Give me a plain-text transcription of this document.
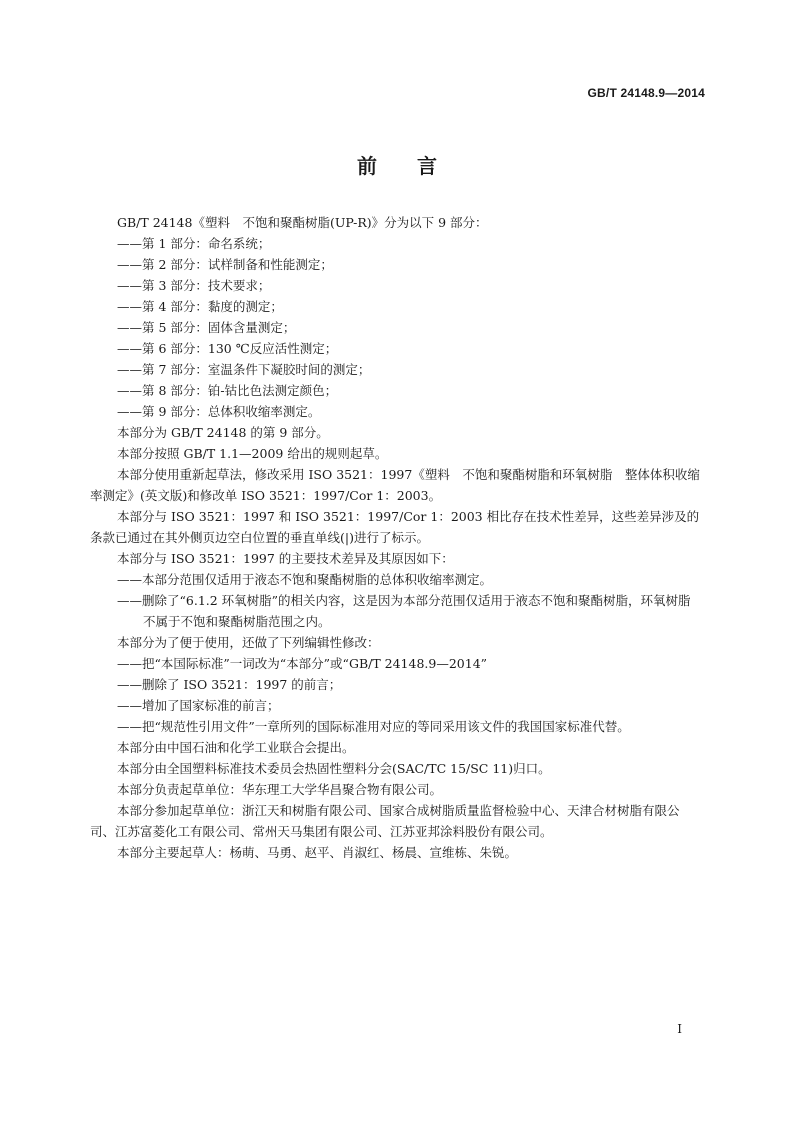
GB/T 24148.9—2014
前言

GB/T 24148《塑料　不饱和聚酯树脂(UP-R)》分为以下 9 部分：

——第 1 部分：命名系统；

——第 2 部分：试样制备和性能测定；

——第 3 部分：技术要求；

——第 4 部分：黏度的测定；

——第 5 部分：固体含量测定；

——第 6 部分：130 ℃反应活性测定；

——第 7 部分：室温条件下凝胶时间的测定；

——第 8 部分：铂-钴比色法测定颜色；

——第 9 部分：总体积收缩率测定。

本部分为 GB/T 24148 的第 9 部分。

本部分按照 GB/T 1.1—2009 给出的规则起草。

本部分使用重新起草法，修改采用 ISO 3521：1997《塑料　不饱和聚酯树脂和环氧树脂　整体体积收缩率测定》(英文版)和修改单 ISO 3521：1997/Cor 1：2003。

本部分与 ISO 3521：1997 和 ISO 3521：1997/Cor 1：2003 相比存在技术性差异，这些差异涉及的条款已通过在其外侧页边空白位置的垂直单线(|)进行了标示。

本部分与 ISO 3521：1997 的主要技术差异及其原因如下：

——本部分范围仅适用于液态不饱和聚酯树脂的总体积收缩率测定。

——删除了“6.1.2 环氧树脂”的相关内容，这是因为本部分范围仅适用于液态不饱和聚酯树脂，环氧树脂不属于不饱和聚酯树脂范围之内。

本部分为了便于使用，还做了下列编辑性修改：

——把“本国际标准”一词改为“本部分”或“GB/T 24148.9—2014”

——删除了 ISO 3521：1997 的前言；

——增加了国家标准的前言；

——把“规范性引用文件”一章所列的国际标准用对应的等同采用该文件的我国国家标准代替。

本部分由中国石油和化学工业联合会提出。

本部分由全国塑料标准技术委员会热固性塑料分会(SAC/TC 15/SC 11)归口。

本部分负责起草单位：华东理工大学华昌聚合物有限公司。

本部分参加起草单位：浙江天和树脂有限公司、国家合成树脂质量监督检验中心、天津合材树脂有限公司、江苏富菱化工有限公司、常州天马集团有限公司、江苏亚邦涂料股份有限公司。

本部分主要起草人：杨萌、马勇、赵平、肖淑红、杨晨、宣维栋、朱锐。

I
